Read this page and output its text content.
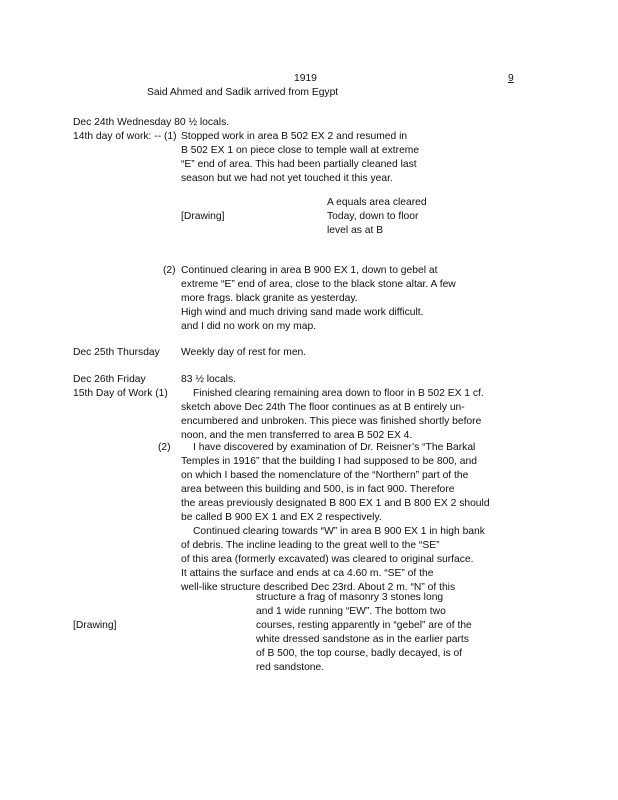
1919	9
Said Ahmed and Sadik arrived from Egypt
Dec 24th Wednesday 80 ½ locals.
14th day of work: -- (1) Stopped work in area B 502 EX 2 and resumed in
B 502 EX 1 on piece close to temple wall at extreme
“E” end of area. This had been partially cleaned last
season but we had not yet touched it this year.
[Drawing]
A equals area cleared
Today, down to floor
level as at B
(2) Continued clearing in area B 900 EX 1, down to gebel at
extreme “E” end of area, close to the black stone altar. A few
more frags. black granite as yesterday.
High wind and much driving sand made work difficult.
and I did no work on my map.
Dec 25th Thursday Weekly day of rest for men.
Dec 26th Friday	83 ½ locals.
15th Day of Work (1) Finished clearing remaining area down to floor in B 502 EX 1 cf.
sketch above Dec 24th The floor continues as at B entirely un-
encumbered and unbroken. This piece was finished shortly before
noon, and the men transferred to area B 502 EX 4.
(2) I have discovered by examination of Dr. Reisner’s “The Barkal
Temples in 1916” that the building I had supposed to be 800, and
on which I based the nomenclature of the “Northern” part of the
area between this building and 500, is in fact 900. Therefore
the areas previously designated B 800 EX 1 and B 800 EX 2 should
be called B 900 EX 1 and EX 2 respectively.
Continued clearing towards “W” in area B 900 EX 1 in high bank
of debris. The incline leading to the great well to the “SE”
of this area (formerly excavated) was cleared to original surface.
It attains the surface and ends at ca 4.60 m. “SE” of the
well-like structure described Dec 23rd. About 2 m. “N” of this
[Drawing]
structure a frag of masonry 3 stones long
and 1 wide running “EW”. The bottom two
courses, resting apparently in “gebel” are of the
white dressed sandstone as in the earlier parts
of B 500, the top course, badly decayed, is of
red sandstone.
